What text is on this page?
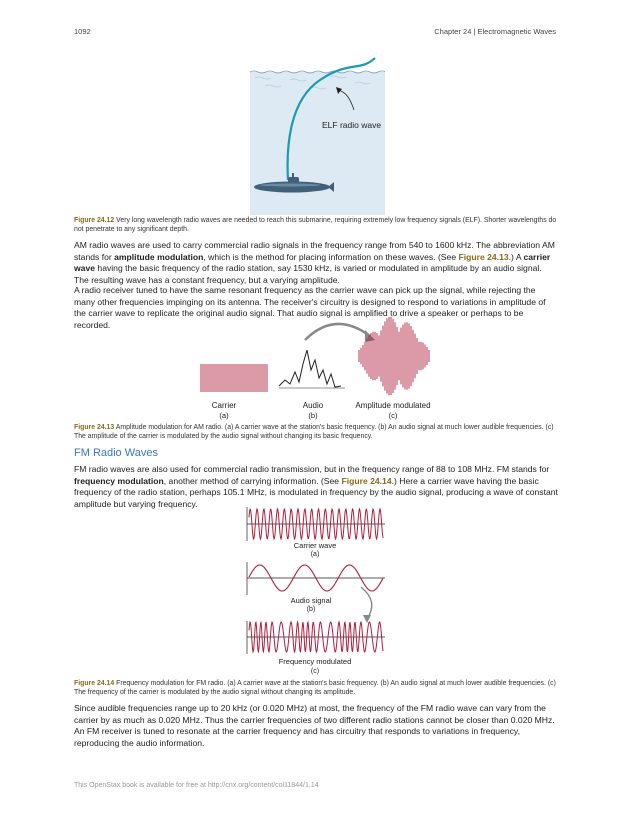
1092	Chapter 24 | Electromagnetic Waves
ELF radio wave

Figure 24.12 Very long wavelength radio waves are needed to reach this submarine, requiring extremely low frequency signals (ELF). Shorter wavelengths do not penetrate to any significant depth.

AM radio waves are used to carry commercial radio signals in the frequency range from 540 to 1600 kHz. The abbreviation AM stands for amplitude modulation, which is the method for placing information on these waves. (See Figure 24.13.) A carrier wave having the basic frequency of the radio station, say 1530 kHz, is varied or modulated in amplitude by an audio signal. The resulting wave has a constant frequency, but a varying amplitude.

A radio receiver tuned to have the same resonant frequency as the carrier wave can pick up the signal, while rejecting the many other frequencies impinging on its antenna. The receiver's circuitry is designed to respond to variations in amplitude of the carrier wave to replicate the original audio signal. That audio signal is amplified to drive a speaker or perhaps to be recorded.

Carrier
(a)
Audio
(b)
Amplitude modulated
(c)

Figure 24.13 Amplitude modulation for AM radio. (a) A carrier wave at the station's basic frequency. (b) An audio signal at much lower audible frequencies. (c) The amplitude of the carrier is modulated by the audio signal without changing its basic frequency.

FM Radio Waves

FM radio waves are also used for commercial radio transmission, but in the frequency range of 88 to 108 MHz. FM stands for frequency modulation, another method of carrying information. (See Figure 24.14.) Here a carrier wave having the basic frequency of the radio station, perhaps 105.1 MHz, is modulated in frequency by the audio signal, producing a wave of constant amplitude but varying frequency.

Carrier wave
(a)
Audio signal
(b)
Frequency modulated
(c)

Figure 24.14 Frequency modulation for FM radio. (a) A carrier wave at the station's basic frequency. (b) An audio signal at much lower audible frequencies. (c) The frequency of the carrier is modulated by the audio signal without changing its amplitude.

Since audible frequencies range up to 20 kHz (or 0.020 MHz) at most, the frequency of the FM radio wave can vary from the carrier by as much as 0.020 MHz. Thus the carrier frequencies of two different radio stations cannot be closer than 0.020 MHz. An FM receiver is tuned to resonate at the carrier frequency and has circuitry that responds to variations in frequency, reproducing the audio information.

This OpenStax book is available for free at http://cnx.org/content/col11844/1.14
